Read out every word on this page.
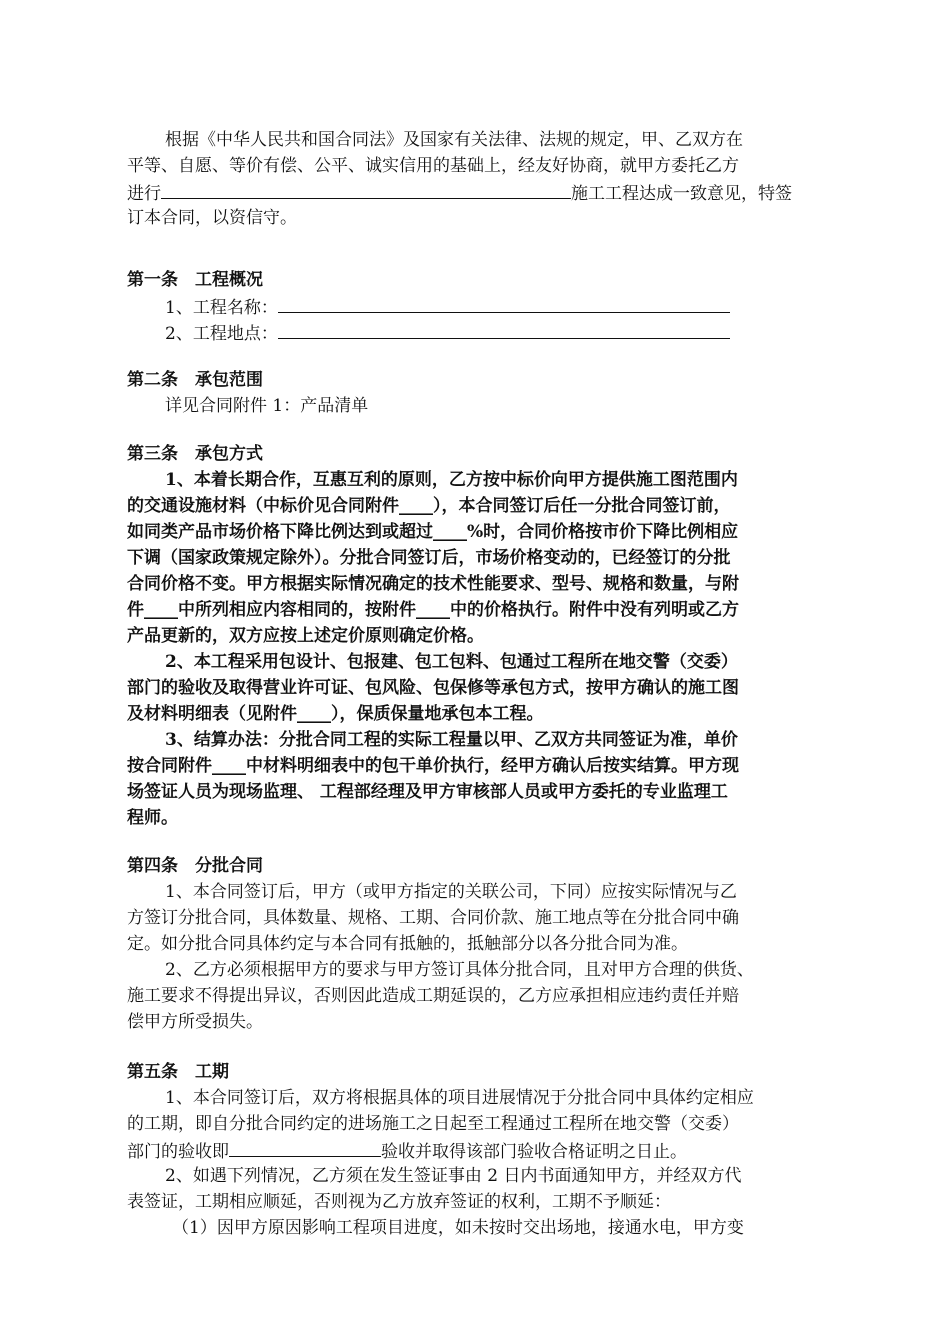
根据《中华人民共和国合同法》及国家有关法律、法规的规定，甲、乙双方在
平等、自愿、等价有偿、公平、诚实信用的基础上，经友好协商，就甲方委托乙方
进行	施工工程达成一致意见，特签
订本合同，以资信守。
第一条　工程概况
1、工程名称：
2、工程地点：
第二条　承包范围
详见合同附件 1：产品清单
第三条　承包方式
1、本着长期合作，互惠互利的原则，乙方按中标价向甲方提供施工图范围内
的交通设施材料（中标价见合同附件____），本合同签订后任一分批合同签订前，
如同类产品市场价格下降比例达到或超过____%时，合同价格按市价下降比例相应
下调（国家政策规定除外）。分批合同签订后，市场价格变动的，已经签订的分批
合同价格不变。甲方根据实际情况确定的技术性能要求、型号、规格和数量，与附
件____中所列相应内容相同的，按附件____中的价格执行。附件中没有列明或乙方
产品更新的，双方应按上述定价原则确定价格。
2、本工程采用包设计、包报建、包工包料、包通过工程所在地交警（交委）
部门的验收及取得营业许可证、包风险、包保修等承包方式，按甲方确认的施工图
及材料明细表（见附件____），保质保量地承包本工程。
3、结算办法：分批合同工程的实际工程量以甲、乙双方共同签证为准，单价
按合同附件____中材料明细表中的包干单价执行，经甲方确认后按实结算。甲方现
场签证人员为现场监理、 工程部经理及甲方审核部人员或甲方委托的专业监理工
程师。
第四条　分批合同
1、本合同签订后，甲方（或甲方指定的关联公司，下同）应按实际情况与乙
方签订分批合同，具体数量、规格、工期、合同价款、施工地点等在分批合同中确
定。如分批合同具体约定与本合同有抵触的，抵触部分以各分批合同为准。
2、乙方必须根据甲方的要求与甲方签订具体分批合同，且对甲方合理的供货、
施工要求不得提出异议，否则因此造成工期延误的，乙方应承担相应违约责任并赔
偿甲方所受损失。
第五条　工期
1、本合同签订后，双方将根据具体的项目进展情况于分批合同中具体约定相应
的工期，即自分批合同约定的进场施工之日起至工程通过工程所在地交警（交委）
部门的验收即	验收并取得该部门验收合格证明之日止。
2、如遇下列情况，乙方须在发生签证事由 2 日内书面通知甲方，并经双方代
表签证，工期相应顺延，否则视为乙方放弃签证的权利，工期不予顺延：
（1）因甲方原因影响工程项目进度，如未按时交出场地，接通水电，甲方变
